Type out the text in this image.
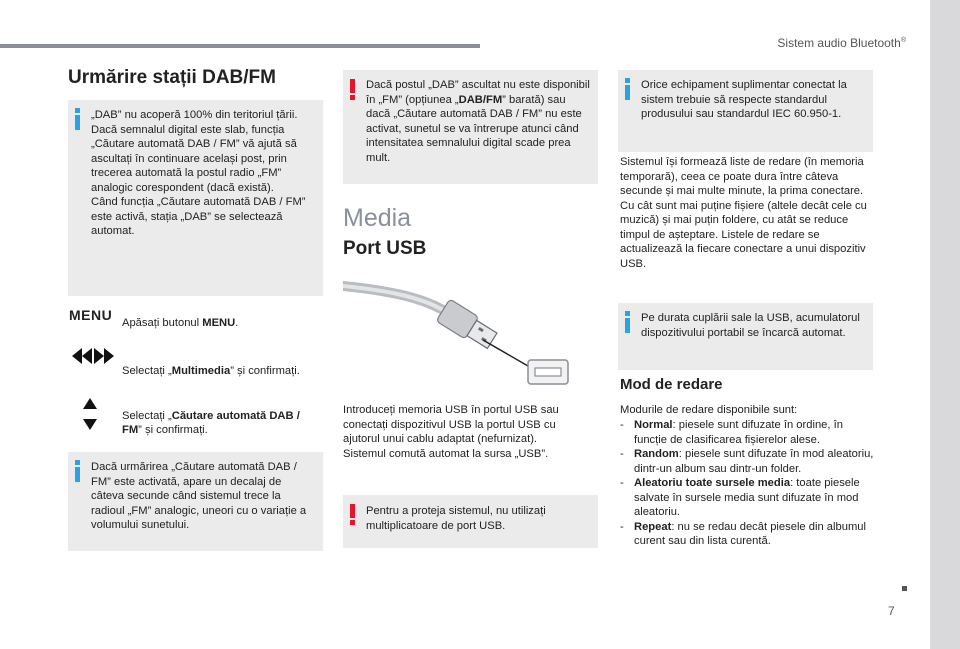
Sistem audio Bluetooth®
Urmărire stații DAB/FM

„DAB” nu acoperă 100% din teritoriul țării.
Dacă semnalul digital este slab, funcția „Căutare automată DAB / FM” vă ajută să ascultați în continuare același post, prin trecerea automată la postul radio „FM” analogic corespondent (dacă există).
Când funcția „Căutare automată DAB / FM” este activă, stația „DAB” se selectează automat.

MENU Apăsați butonul MENU.

Selectați „Multimedia” și confirmați.

Selectați „Căutare automată DAB / FM” și confirmați.

Dacă urmărirea „Căutare automată DAB / FM” este activată, apare un decalaj de câteva secunde când sistemul trece la radioul „FM” analogic, uneori cu o variație a volumului sunetului.

Dacă postul „DAB” ascultat nu este disponibil în „FM” (opțiunea „DAB/FM” barată) sau dacă „Căutare automată DAB / FM” nu este activat, sunetul se va întrerupe atunci când intensitatea semnalului digital scade prea mult.

Media
Port USB
Introduceți memoria USB în portul USB sau conectați dispozitivul USB la portul USB cu ajutorul unui cablu adaptat (nefurnizat).
Sistemul comută automat la sursa „USB”.

Pentru a proteja sistemul, nu utilizați multiplicatoare de port USB.

Orice echipament suplimentar conectat la sistem trebuie să respecte standardul produsului sau standardul IEC 60.950-1.

Sistemul își formează liste de redare (în memoria temporară), ceea ce poate dura între câteva secunde și mai multe minute, la prima conectare.
Cu cât sunt mai puține fișiere (altele decât cele cu muzică) și mai puțin foldere, cu atât se reduce timpul de așteptare. Listele de redare se actualizează la fiecare conectare a unui dispozitiv USB.

Pe durata cuplării sale la USB, acumulatorul dispozitivului portabil se încarcă automat.

Mod de redare
Modurile de redare disponibile sunt:
- Normal: piesele sunt difuzate în ordine, în funcție de clasificarea fișierelor alese.
- Random: piesele sunt difuzate în mod aleatoriu, dintr-un album sau dintr-un folder.
- Aleatoriu toate sursele media: toate piesele salvate în sursele media sunt difuzate în mod aleatoriu.
- Repeat: nu se redau decât piesele din albumul curent sau din lista curentă.
7
